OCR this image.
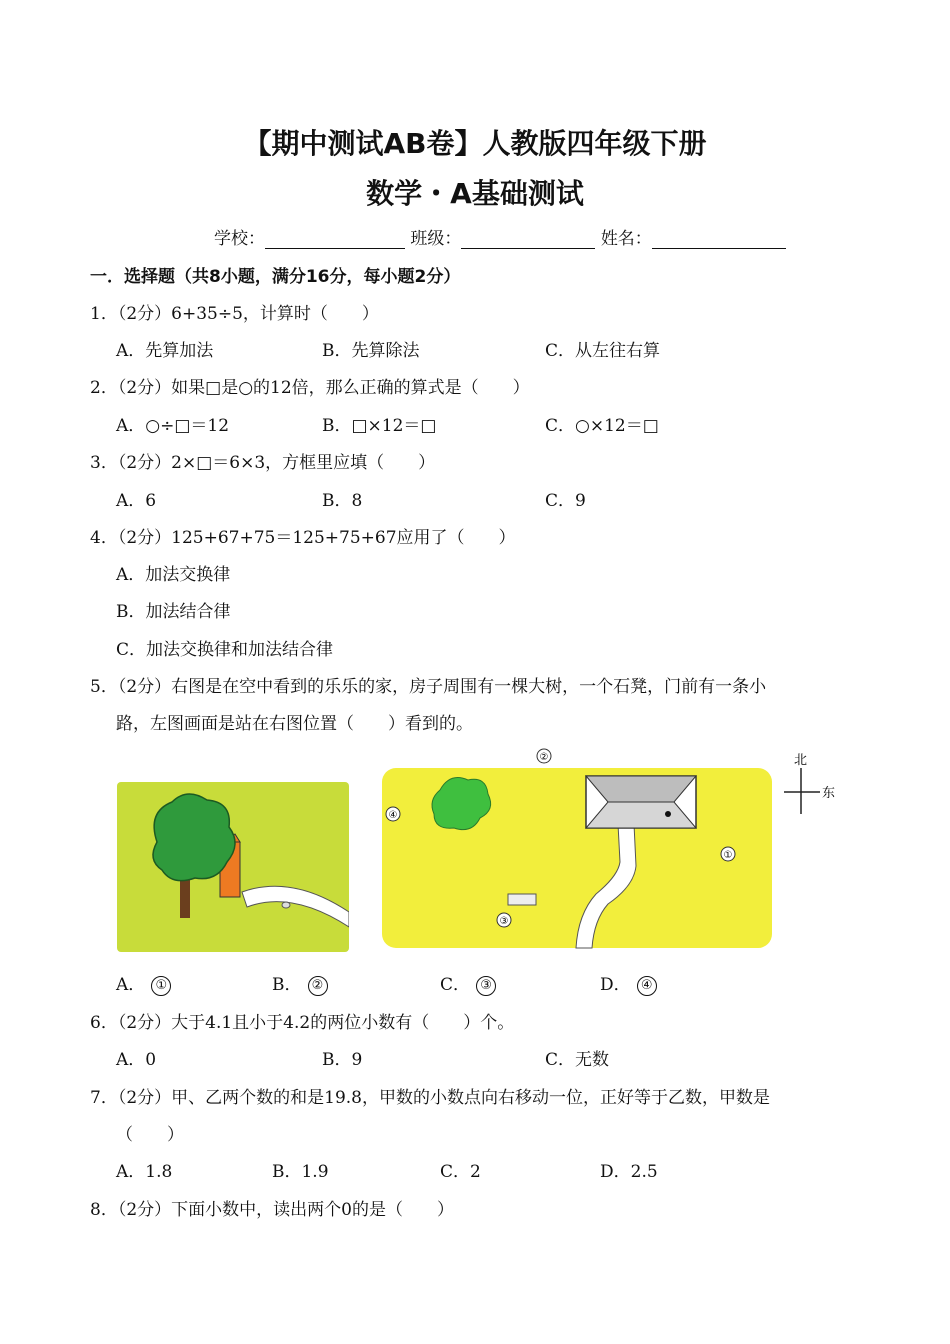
【期中测试AB卷】人教版四年级下册
数学・A基础测试
学校：	班级：	姓名：
一．选择题（共8小题，满分16分，每小题2分）
1．（2分）6+35÷5，计算时（　　）
A．先算加法	B．先算除法	C．从左往右算
2．（2分）如果□是○的12倍，那么正确的算式是（　　）
A．○÷□＝12	B．□×12＝□	C．○×12＝□
3．（2分）2×□＝6×3，方框里应填（　　）
A．6	B．8	C．9
4．（2分）125+67+75＝125+75+67应用了（　　）
A．加法交换律
B．加法结合律
C．加法交换律和加法结合律
5．（2分）右图是在空中看到的乐乐的家，房子周围有一棵大树，一个石凳，门前有一条小
路，左图画面是站在右图位置（　　）看到的。
②
①
③
④
北
东
A． ①	B． ②	C． ③	D． ④
6．（2分）大于4.1且小于4.2的两位小数有（　　）个。
A．0	B．9	C．无数
7．（2分）甲、乙两个数的和是19.8，甲数的小数点向右移动一位，正好等于乙数，甲数是
（　　）
A．1.8	B．1.9	C．2	D．2.5
8．（2分）下面小数中，读出两个0的是（　　）
